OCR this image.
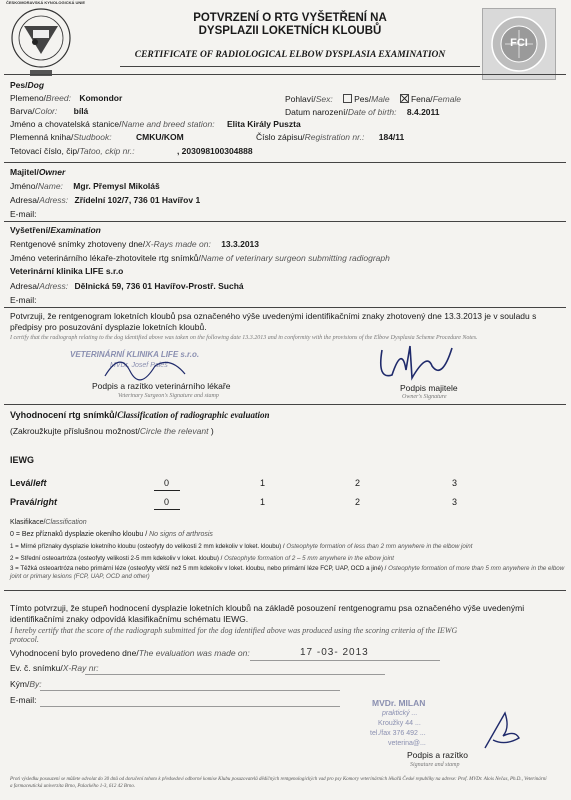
ČESKOMORAVSKÁ KYNOLOGICKÁ UNIE
FCI
POTVRZENÍ O RTG VYŠETŘENÍ NA
DYSPLAZII LOKETNÍCH KLOUBŮ
CERTIFICATE OF RADIOLOGICAL ELBOW DYSPLASIA EXAMINATION
Pes/Dog
Plemeno/Breed: Komondor	Pohlaví/Sex:	Pes/Male	Fena/Female
Barva/Color: bílá	Datum narození/Date of birth: 8.4.2011
Jméno a chovatelská stanice/Name and breed station: Elita Király Puszta
Plemenná kniha/Studbook:	CMKU/KOM	Číslo zápisu/Registration nr.: 184/11
Tetovací číslo, čip/Tatoo, ckip nr.:	, 203098100304888
Majitel/Owner
Jméno/Name: Mgr. Přemysl Mikoláš
Adresa/Adress: Zřídelní 102/7, 736 01 Havířov 1
E-mail:
Vyšetření/Examination
Rentgenové snímky zhotoveny dne/X-Rays made on: 13.3.2013
Jméno veterinárního lékaře-zhotovitele rtg snímků/Name of veterinary surgeon submitting radiograph
Veterinární klinika LIFE s.r.o
Adresa/Adress: Dělnická 59, 736 01 Havířov-Prostř. Suchá
E-mail:
Potvrzuji, že rentgenogram loketních kloubů psa označeného výše uvedenými identifikačními znaky zhotovený dne 13.3.2013 je v souladu s předpisy pro posuzování dysplazie loketních kloubů.
I certify that the radiograph relating to the dog identified above was taken on the following date 13.3.2013 and in conformity with the provisions of the Elbow Dysplasia Scheme Procedure Notes.
VETERINÁRNÍ KLINIKA LIFE s.r.o.
MVDr. Josef Paleš
Podpis a razítko veterinárního lékaře
Veterinary Surgeon's Signature and stamp
Podpis majitele
Owner's Signature
Vyhodnocení rtg snímků/Classification of radiographic evaluation
(Zakroužkujte příslušnou možnost/Circle the relevant )
IEWG
Levá/left	0	1	2	3
Pravá/right	0	1	2	3
Klasifikace/Classification
0 = Bez příznaků dysplazie okeního kloubu / No signs of arthrosis
1 = Mírné příznaky dysplazie loketního kloubu (osteofyty do velikosti 2 mm kdekoliv v loket. kloubu) / Osteophyte formation of less than 2 mm anywhere in the elbow joint
2 = Střední osteoartróza (osteofyty velikosti 2-5 mm kdekoliv v loket. kloubu) / Osteophyte formation of 2 – 5 mm anywhere in the elbow joint
3 = Těžká osteoartróza nebo primární léze (osteofyty větší než 5 mm kdekoliv v loket. kloubu, nebo primární léze FCP, UAP, OCD a jiné) / Osteophyte formation of more than 5 mm anywhere in the elbow joint or primary lesions (FCP, UAP, OCD and other)
Tímto potvrzuji, že stupeň hodnocení dysplazie loketních kloubů na základě posouzení rentgenogramu psa označeného výše uvedenými identifikačními znaky odpovídá klasifikačnímu schématu IEWG.
I hereby certify that the score of the radiograph submitted for the dog identified above was produced using the scoring criteria of the IEWG protocol.
Vyhodnocení bylo provedeno dne/The evaluation was made on:	17 -03- 2013
Ev. č. snímku/X-Ray nr:
Kým/By:
E-mail:	MVDr. MILAN
praktický ...
Kroužky 44 ...
tel./fax 376 492 ...
veterina@...
Podpis a razítko
Signature and stamp
Proti výsledku posouzení se můžete odvolat do 30 dnů od doručení tohoto k předsedovi odborné komise Klubu posuzovatelů dědičných rentgenologických vad pro psy Komory veterinárních lékařů České republiky na adrese: Prof. MVDr. Alois Nečas, Ph.D., Veterinární a farmaceutická univerzita Brno, Palackého 1-3, 612 42 Brno.
